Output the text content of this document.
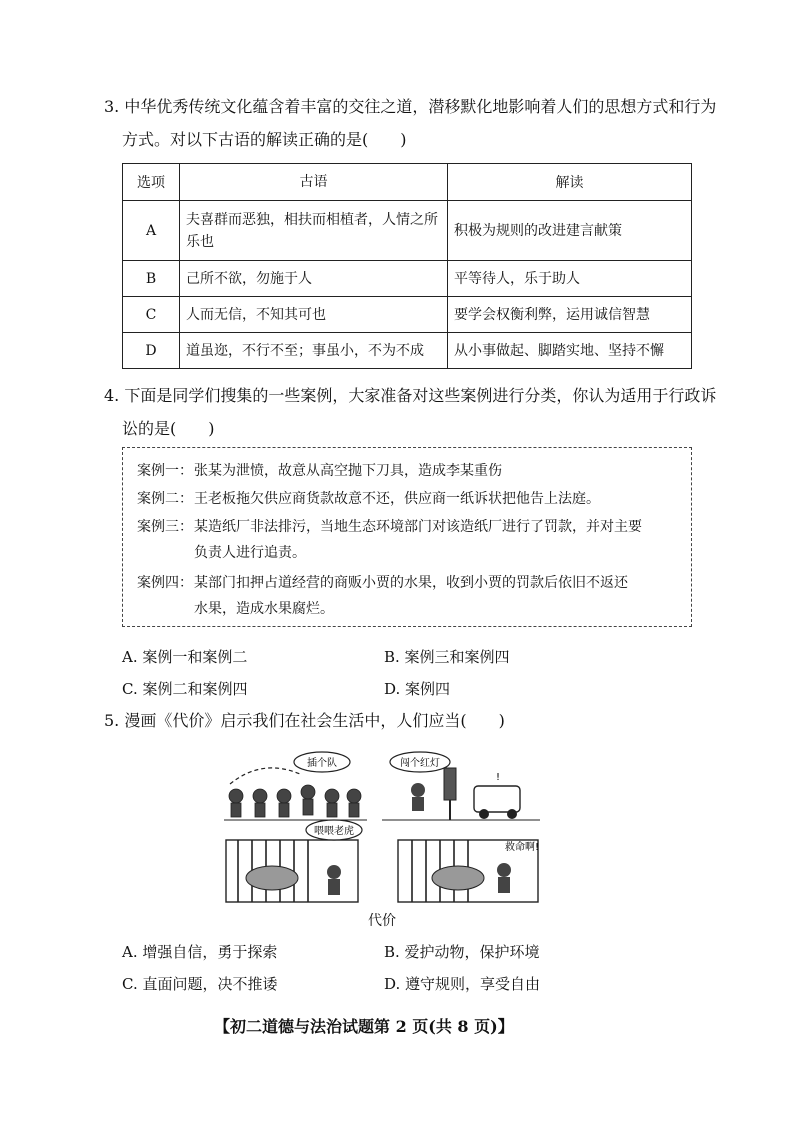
3. 中华优秀传统文化蕴含着丰富的交往之道，潜移默化地影响着人们的思想方式和行为
方式。对以下古语的解读正确的是(　　)
选项	古语	解读
A	夫喜群而恶独，相扶而相植者，人情之所乐也	积极为规则的改进建言献策
B	己所不欲，勿施于人	平等待人，乐于助人
C	人而无信，不知其可也	要学会权衡利弊，运用诚信智慧
D	道虽迩，不行不至；事虽小，不为不成	从小事做起、脚踏实地、坚持不懈
4. 下面是同学们搜集的一些案例，大家准备对这些案例进行分类，你认为适用于行政诉
讼的是(　　)
案例一：张某为泄愤，故意从高空抛下刀具，造成李某重伤
案例二：王老板拖欠供应商货款故意不还，供应商一纸诉状把他告上法庭。
案例三：某造纸厂非法排污，当地生态环境部门对该造纸厂进行了罚款，并对主要
负责人进行追责。
案例四：某部门扣押占道经营的商贩小贾的水果，收到小贾的罚款后依旧不返还
水果，造成水果腐烂。
A. 案例一和案例二	B. 案例三和案例四
C. 案例二和案例四	D. 案例四
5. 漫画《代价》启示我们在社会生活中，人们应当(　　)
插个队	闯个红灯
!
喂喂老虎
救命啊!
代价
A. 增强自信，勇于探索	B. 爱护动物，保护环境
C. 直面问题，决不推诿	D. 遵守规则，享受自由
【初二道德与法治试题第 2 页(共 8 页)】
